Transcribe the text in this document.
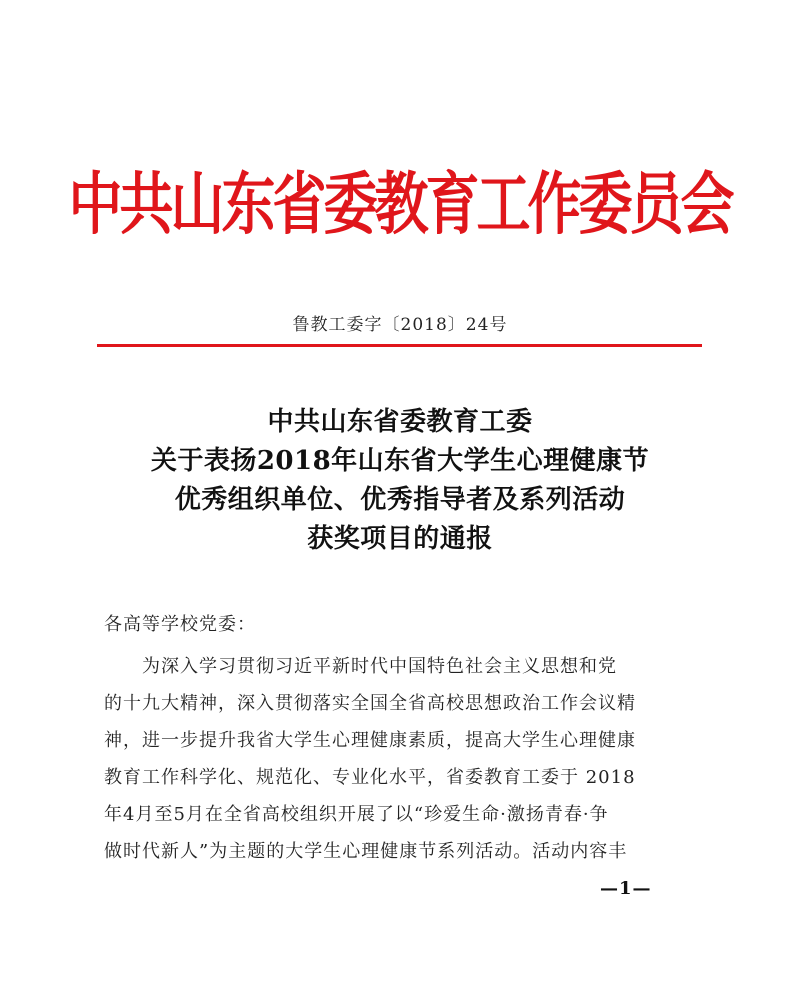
中共山东省委教育工作委员会
鲁教工委字〔2018〕24号
中共山东省委教育工委
关于表扬2018年山东省大学生心理健康节
优秀组织单位、优秀指导者及系列活动
获奖项目的通报
各高等学校党委：
为深入学习贯彻习近平新时代中国特色社会主义思想和党
的十九大精神，深入贯彻落实全国全省高校思想政治工作会议精
神，进一步提升我省大学生心理健康素质，提高大学生心理健康
教育工作科学化、规范化、专业化水平，省委教育工委于 2018
年4月至5月在全省高校组织开展了以“珍爱生命·激扬青春·争
做时代新人”为主题的大学生心理健康节系列活动。活动内容丰
—1—
